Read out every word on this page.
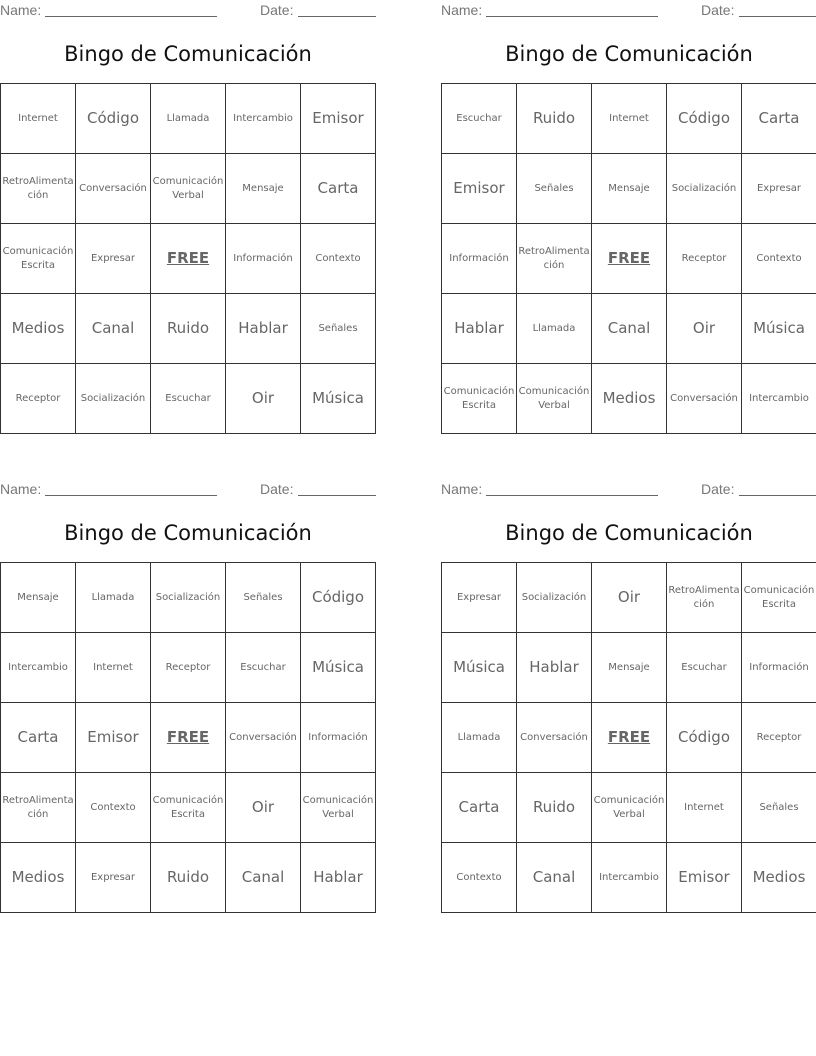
Name:	Date:
Bingo de Comunicación
Internet	Código	Llamada	Intercambio	Emisor
RetroAlimentación	Conversación	Comunicación Verbal	Mensaje	Carta
Comunicación Escrita	Expresar	FREE	Información	Contexto
Medios	Canal	Ruido	Hablar	Señales
Receptor	Socialización	Escuchar	Oir	Música
Name:	Date:
Bingo de Comunicación
Escuchar	Ruido	Internet	Código	Carta
Emisor	Señales	Mensaje	Socialización	Expresar
Información	RetroAlimentación	FREE	Receptor	Contexto
Hablar	Llamada	Canal	Oir	Música
Comunicación Escrita	Comunicación Verbal	Medios	Conversación	Intercambio
Name:	Date:
Bingo de Comunicación
Mensaje	Llamada	Socialización	Señales	Código
Intercambio	Internet	Receptor	Escuchar	Música
Carta	Emisor	FREE	Conversación	Información
RetroAlimentación	Contexto	Comunicación Escrita	Oir	Comunicación Verbal
Medios	Expresar	Ruido	Canal	Hablar
Name:	Date:
Bingo de Comunicación
Expresar	Socialización	Oir	RetroAlimentación	Comunicación Escrita
Música	Hablar	Mensaje	Escuchar	Información
Llamada	Conversación	FREE	Código	Receptor
Carta	Ruido	Comunicación Verbal	Internet	Señales
Contexto	Canal	Intercambio	Emisor	Medios
